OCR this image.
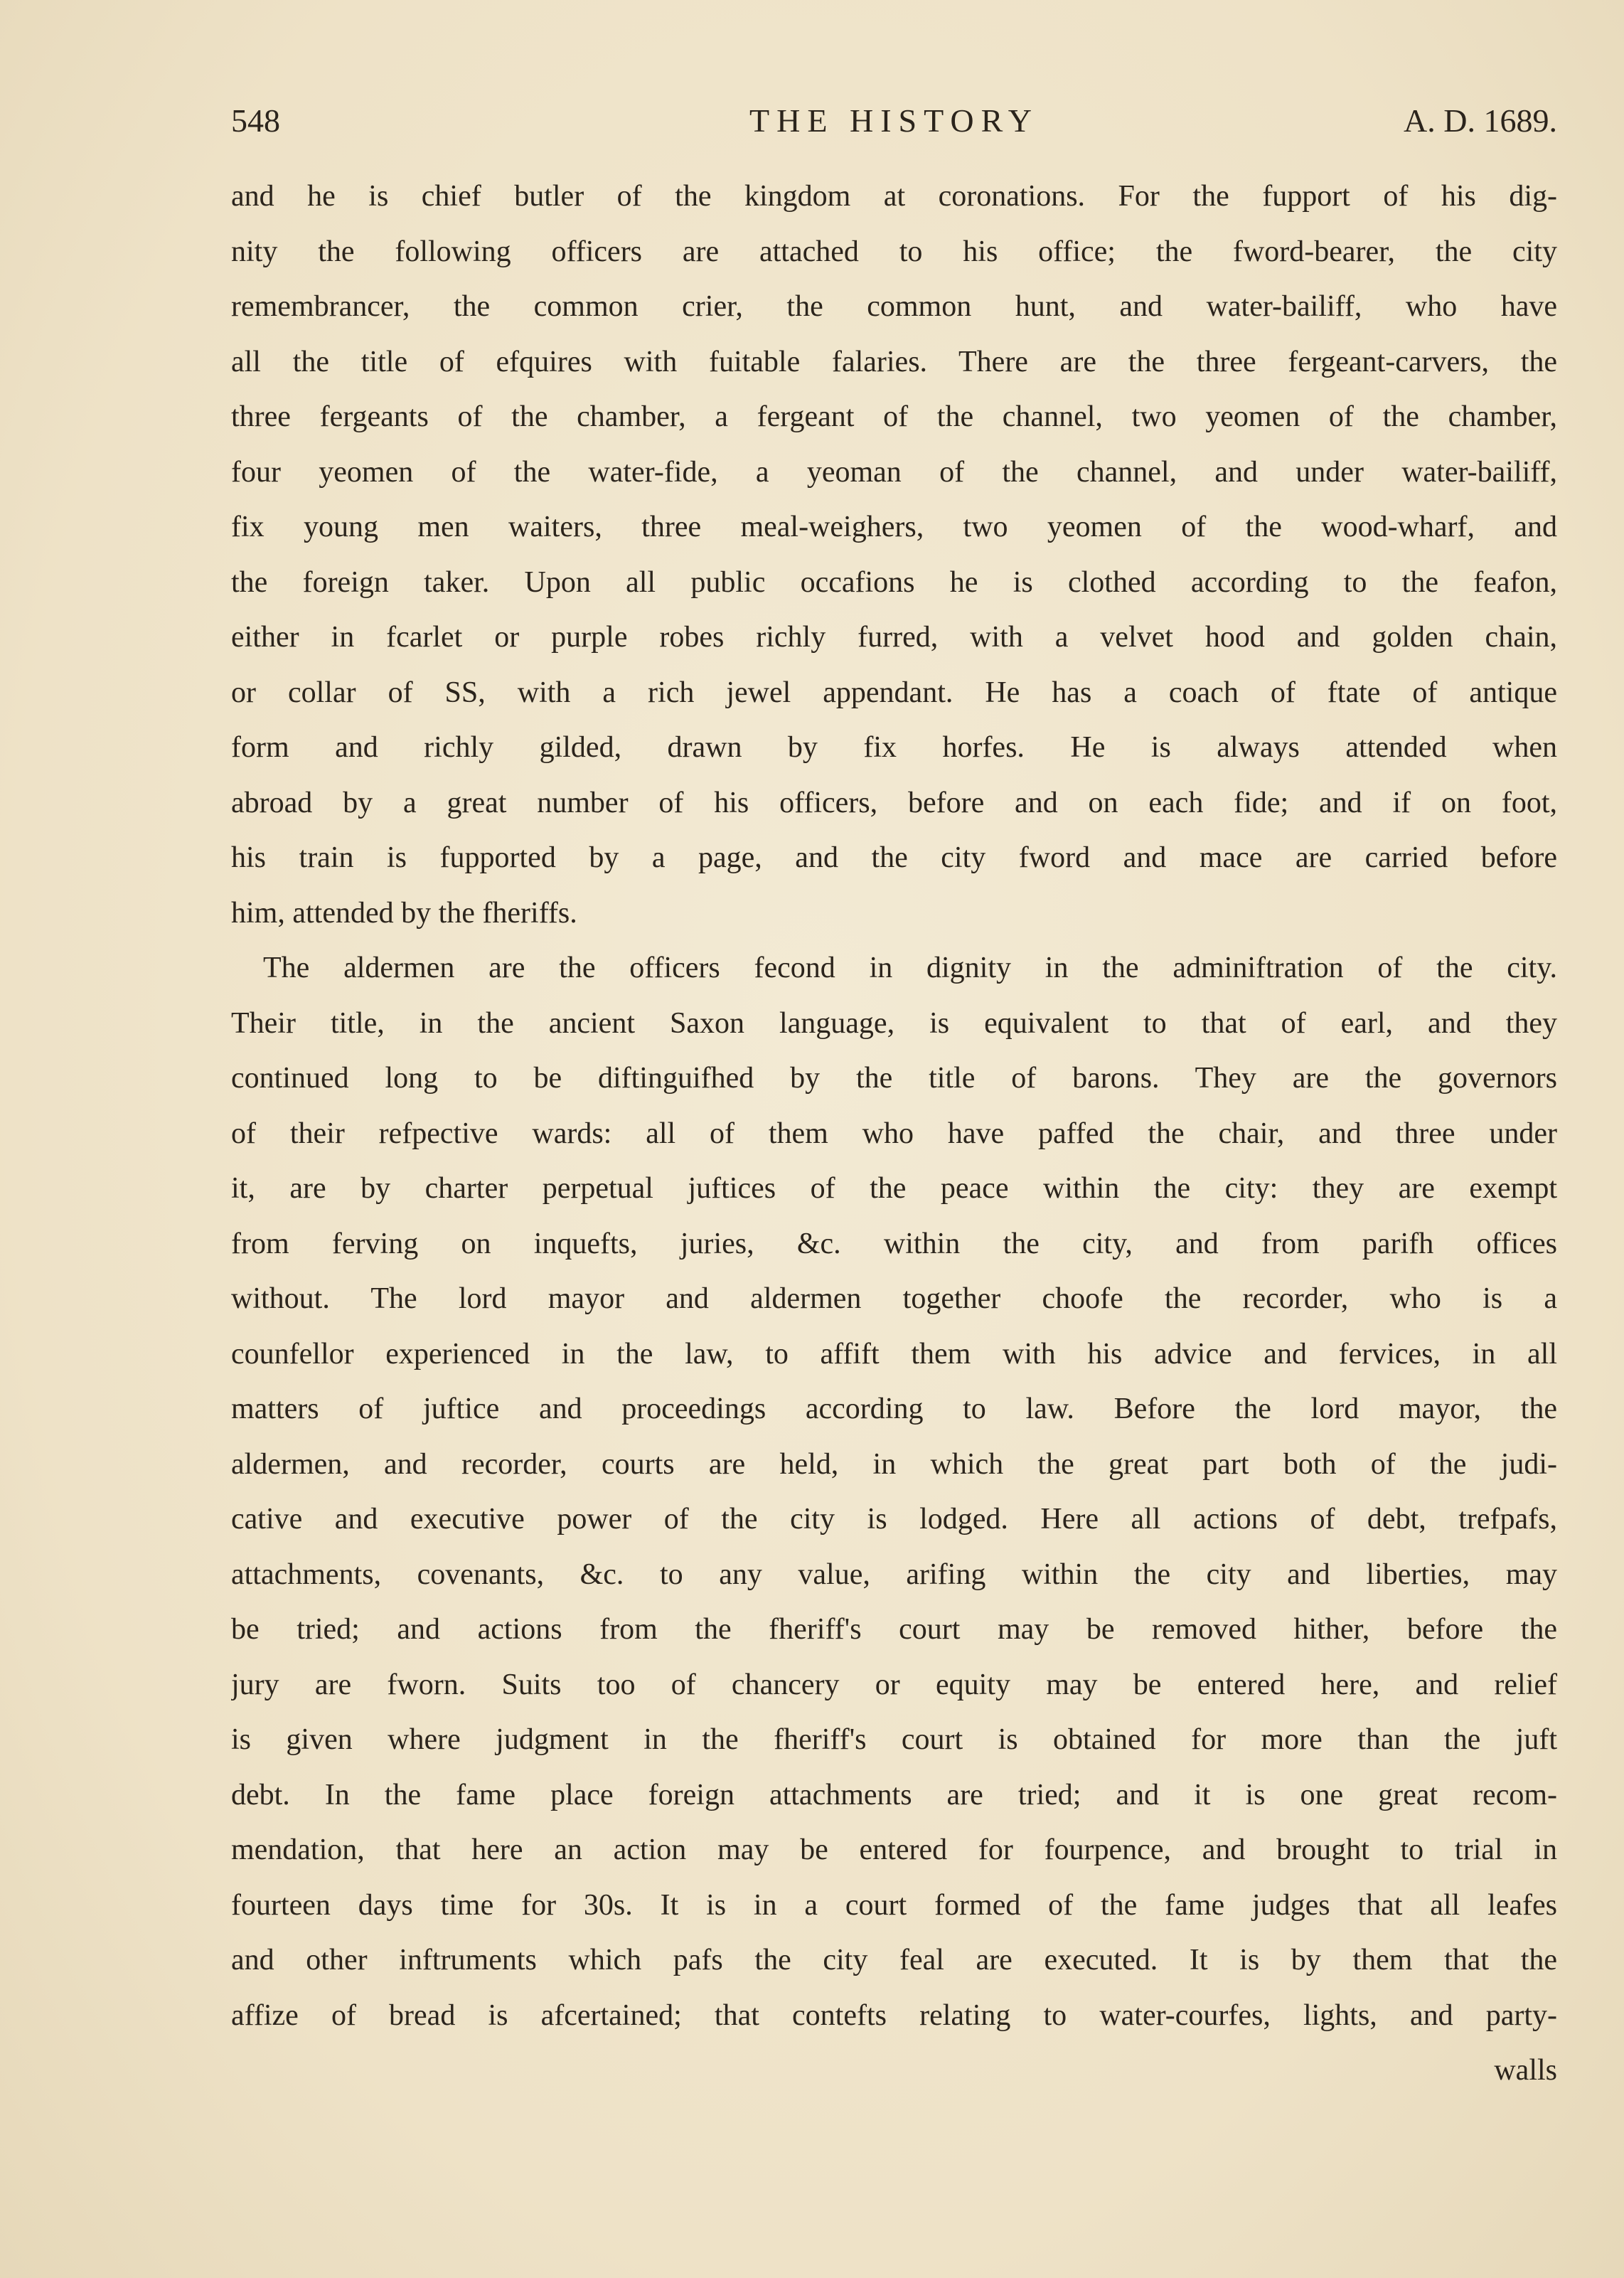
548	THE HISTORY	A. D. 1689.
and he is chief butler of the kingdom at coronations. For the fupport of his dig-
nity the following officers are attached to his office; the fword-bearer, the city
remembrancer, the common crier, the common hunt, and water-bailiff, who have
all the title of efquires with fuitable falaries. There are the three fergeant-carvers, the
three fergeants of the chamber, a fergeant of the channel, two yeomen of the chamber,
four yeomen of the water-fide, a yeoman of the channel, and under water-bailiff,
fix young men waiters, three meal-weighers, two yeomen of the wood-wharf, and
the foreign taker. Upon all public occafions he is clothed according to the feafon,
either in fcarlet or purple robes richly furred, with a velvet hood and golden chain,
or collar of SS, with a rich jewel appendant. He has a coach of ftate of antique
form and richly gilded, drawn by fix horfes. He is always attended when
abroad by a great number of his officers, before and on each fide; and if on foot,
his train is fupported by a page, and the city fword and mace are carried before
him, attended by the fheriffs.
The aldermen are the officers fecond in dignity in the adminiftration of the city.
Their title, in the ancient Saxon language, is equivalent to that of earl, and they
continued long to be diftinguifhed by the title of barons. They are the governors
of their refpective wards: all of them who have paffed the chair, and three under
it, are by charter perpetual juftices of the peace within the city: they are exempt
from ferving on inquefts, juries, &c. within the city, and from parifh offices
without. The lord mayor and aldermen together choofe the recorder, who is a
counfellor experienced in the law, to affift them with his advice and fervices, in all
matters of juftice and proceedings according to law. Before the lord mayor, the
aldermen, and recorder, courts are held, in which the great part both of the judi-
cative and executive power of the city is lodged. Here all actions of debt, trefpafs,
attachments, covenants, &c. to any value, arifing within the city and liberties, may
be tried; and actions from the fheriff's court may be removed hither, before the
jury are fworn. Suits too of chancery or equity may be entered here, and relief
is given where judgment in the fheriff's court is obtained for more than the juft
debt. In the fame place foreign attachments are tried; and it is one great recom-
mendation, that here an action may be entered for fourpence, and brought to trial in
fourteen days time for 30s. It is in a court formed of the fame judges that all leafes
and other inftruments which pafs the city feal are executed. It is by them that the
affize of bread is afcertained; that contefts relating to water-courfes, lights, and party-
walls
